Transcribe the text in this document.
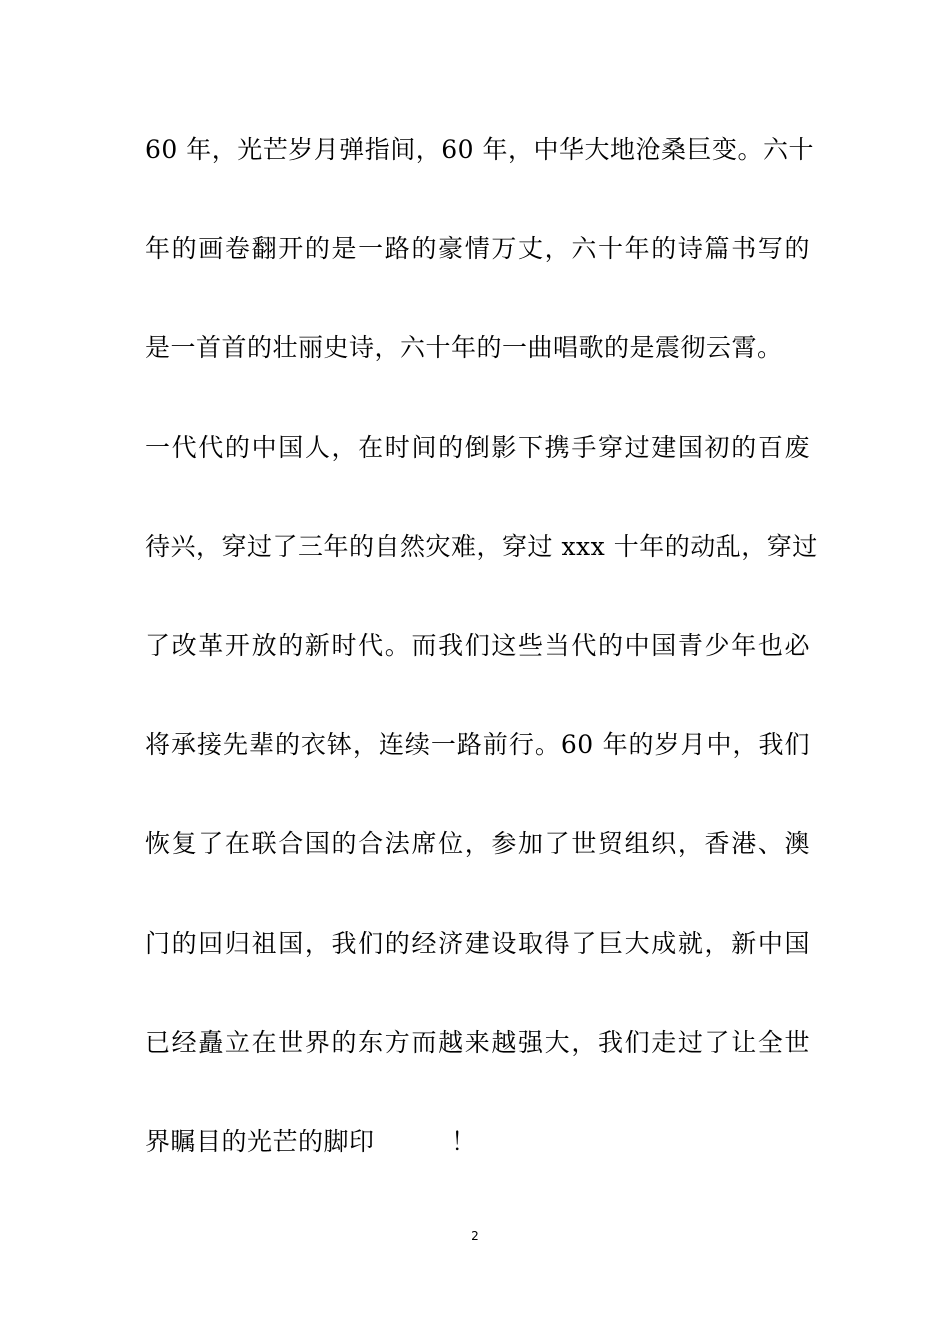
60 年，光芒岁月弹指间，60 年，中华大地沧桑巨变。六十
年的画卷翻开的是一路的豪情万丈，六十年的诗篇书写的
是一首首的壮丽史诗，六十年的一曲唱歌的是震彻云霄。
一代代的中国人，在时间的倒影下携手穿过建国初的百废
待兴，穿过了三年的自然灾难，穿过 xxx 十年的动乱，穿过
了改革开放的新时代。而我们这些当代的中国青少年也必
将承接先辈的衣钵，连续一路前行。60 年的岁月中，我们
恢复了在联合国的合法席位，参加了世贸组织，香港、澳
门的回归祖国，我们的经济建设取得了巨大成就，新中国
已经矗立在世界的东方而越来越强大，我们走过了让全世
界瞩目的光芒的脚印　　　！
2
